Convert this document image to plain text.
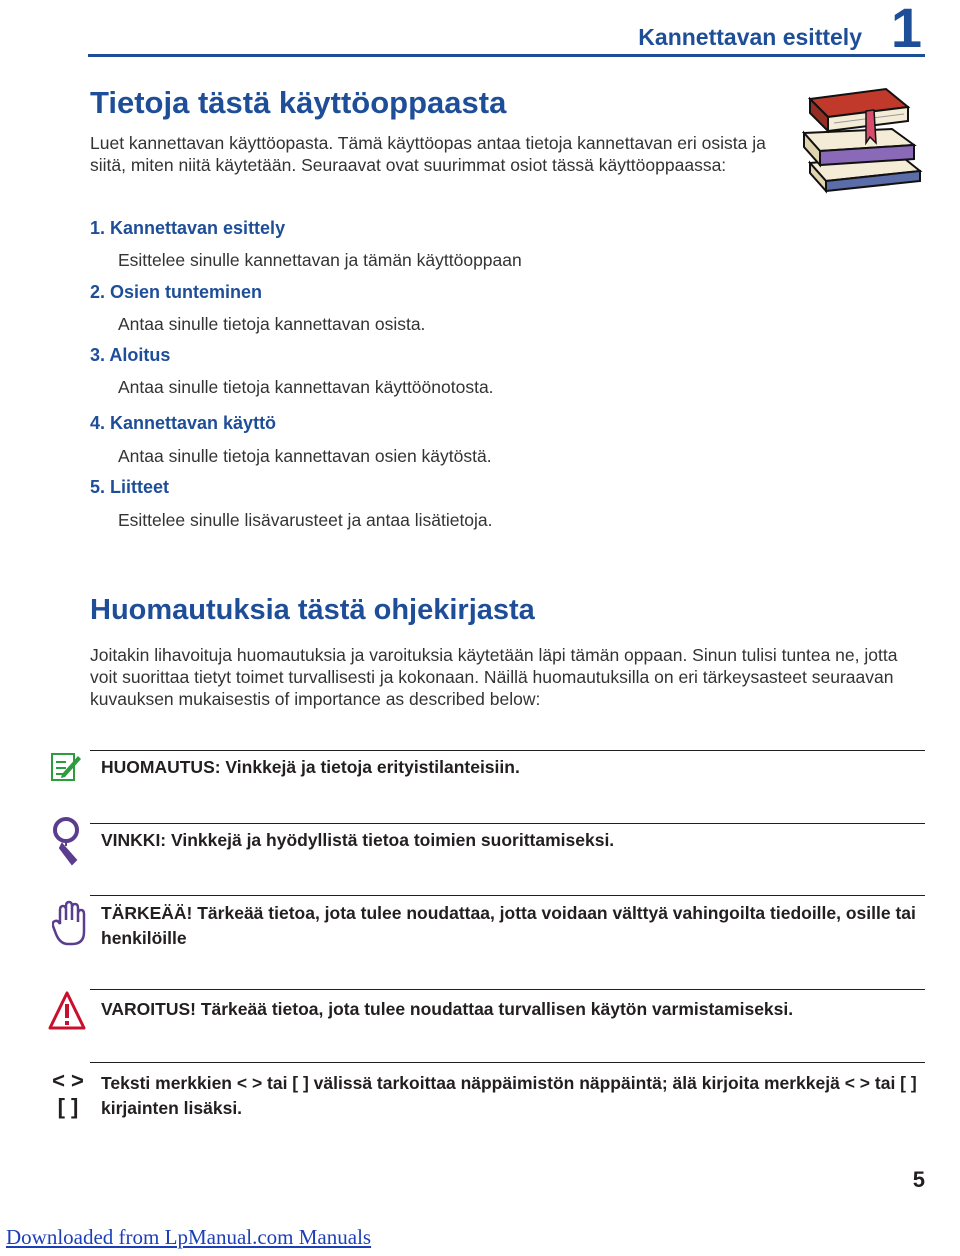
Kannettavan esittely 1
Tietoja tästä käyttöoppaasta
Luet kannettavan käyttöopasta. Tämä käyttöopas antaa tietoja kannettavan eri osista ja siitä, miten niitä käytetään. Seuraavat ovat suurimmat osiot tässä käyttöoppaassa:
1. Kannettavan esittely
Esittelee sinulle kannettavan ja tämän käyttöoppaan
2. Osien tunteminen
Antaa sinulle tietoja kannettavan osista.
3. Aloitus
Antaa sinulle tietoja kannettavan käyttöönotosta.
4. Kannettavan käyttö
Antaa sinulle tietoja kannettavan osien käytöstä.
5. Liitteet
Esittelee sinulle lisävarusteet ja antaa lisätietoja.
Huomautuksia tästä ohjekirjasta
Joitakin lihavoituja huomautuksia ja varoituksia käytetään läpi tämän oppaan. Sinun tulisi tuntea ne, jotta voit suorittaa tietyt toimet turvallisesti ja kokonaan. Näillä huomautuksilla on eri tärkeysasteet seuraavan kuvauksen mukaisestis of importance as described below:
HUOMAUTUS: Vinkkejä ja tietoja erityistilanteisiin.
VINKKI: Vinkkejä ja hyödyllistä tietoa toimien suorittamiseksi.
TÄRKEÄÄ! Tärkeää tietoa, jota tulee noudattaa, jotta voidaan välttyä vahingoilta tiedoille, osille tai henkilöille
VAROITUS! Tärkeää tietoa, jota tulee noudattaa turvallisen käytön varmistamiseksi.
< >
[ ]
Teksti merkkien < > tai [ ] välissä tarkoittaa näppäimistön näppäintä; älä kirjoita merkkejä < > tai [ ] kirjainten lisäksi.
5
Downloaded from LpManual.com Manuals
